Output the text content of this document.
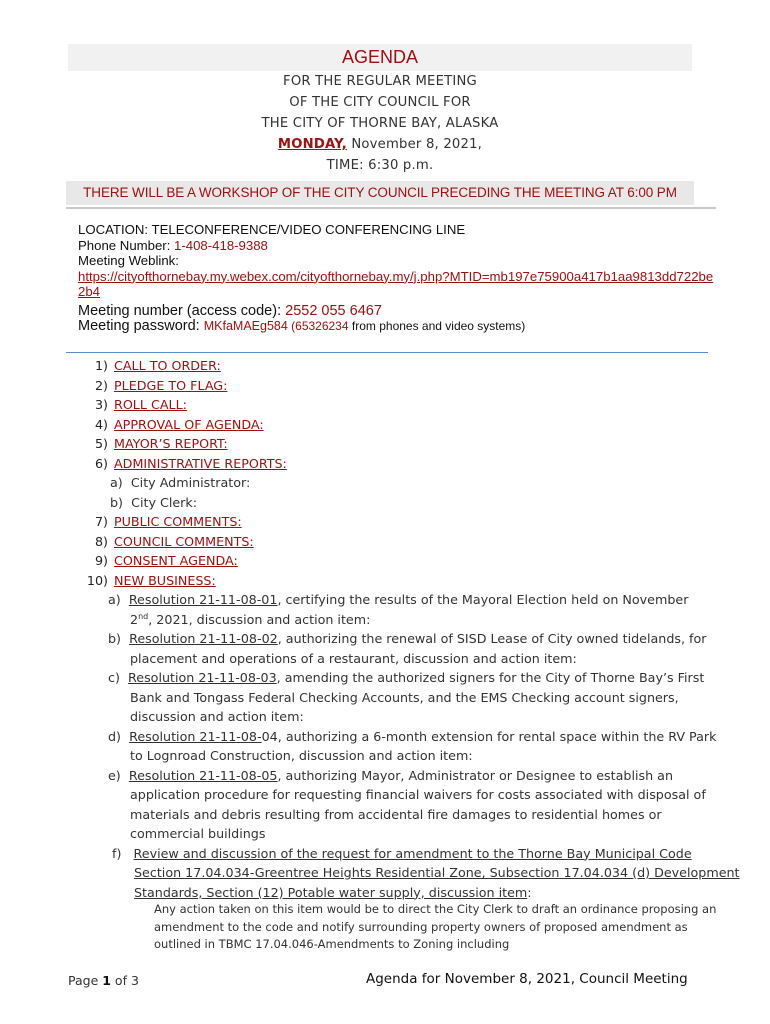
AGENDA
FOR THE REGULAR MEETING
OF THE CITY COUNCIL FOR
THE CITY OF THORNE BAY, ALASKA
MONDAY, November 8, 2021,
TIME: 6:30 p.m.
THERE WILL BE A WORKSHOP OF THE CITY COUNCIL PRECEDING THE MEETING AT 6:00 PM
LOCATION: TELECONFERENCE/VIDEO CONFERENCING LINE
Phone Number: 1-408-418-9388
Meeting Weblink:
https://cityofthornebay.my.webex.com/cityofthornebay.my/j.php?MTID=mb197e75900a417b1aa9813dd722be2b4
Meeting number (access code): 2552 055 6467
Meeting password: MKfaMAEg584 (65326234 from phones and video systems)
1) CALL TO ORDER:
2) PLEDGE TO FLAG:
3) ROLL CALL:
4) APPROVAL OF AGENDA:
5) MAYOR’S REPORT:
6) ADMINISTRATIVE REPORTS:
a) City Administrator:
b) City Clerk:
7) PUBLIC COMMENTS:
8) COUNCIL COMMENTS:
9) CONSENT AGENDA:
10) NEW BUSINESS:
a) Resolution 21-11-08-01, certifying the results of the Mayoral Election held on November
2nd, 2021, discussion and action item:
b) Resolution 21-11-08-02, authorizing the renewal of SISD Lease of City owned tidelands, for
placement and operations of a restaurant, discussion and action item:
c) Resolution 21-11-08-03, amending the authorized signers for the City of Thorne Bay’s First
Bank and Tongass Federal Checking Accounts, and the EMS Checking account signers,
discussion and action item:
d) Resolution 21-11-08-04, authorizing a 6-month extension for rental space within the RV Park
to Lognroad Construction, discussion and action item:
e) Resolution 21-11-08-05, authorizing Mayor, Administrator or Designee to establish an
application procedure for requesting financial waivers for costs associated with disposal of
materials and debris resulting from accidental fire damages to residential homes or
commercial buildings
f) Review and discussion of the request for amendment to the Thorne Bay Municipal Code
Section 17.04.034-Greentree Heights Residential Zone, Subsection 17.04.034 (d) Development
Standards, Section (12) Potable water supply, discussion item:
Any action taken on this item would be to direct the City Clerk to draft an ordinance proposing an
amendment to the code and notify surrounding property owners of proposed amendment as
outlined in TBMC 17.04.046-Amendments to Zoning including
Page 1 of 3	Agenda for November 8, 2021, Council Meeting
